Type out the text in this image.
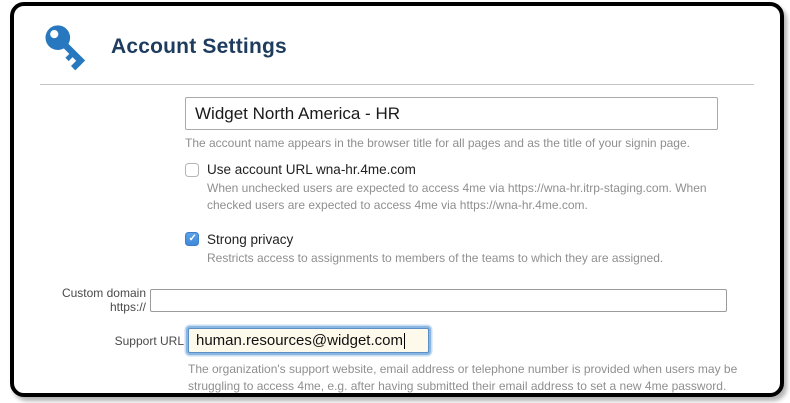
Account Settings
Widget North America - HR
The account name appears in the browser title for all pages and as the title of your signin page.
Use account URL wna-hr.4me.com
When unchecked users are expected to access 4me via https://wna-hr.itrp-staging.com. When checked users are expected to access 4me via https://wna-hr.4me.com.
✓
Strong privacy
Restricts access to assignments to members of the teams to which they are assigned.
Custom domain https://
Support URL human.resources@widget.com
The organization's support website, email address or telephone number is provided when users may be struggling to access 4me, e.g. after having submitted their email address to set a new 4me password.
